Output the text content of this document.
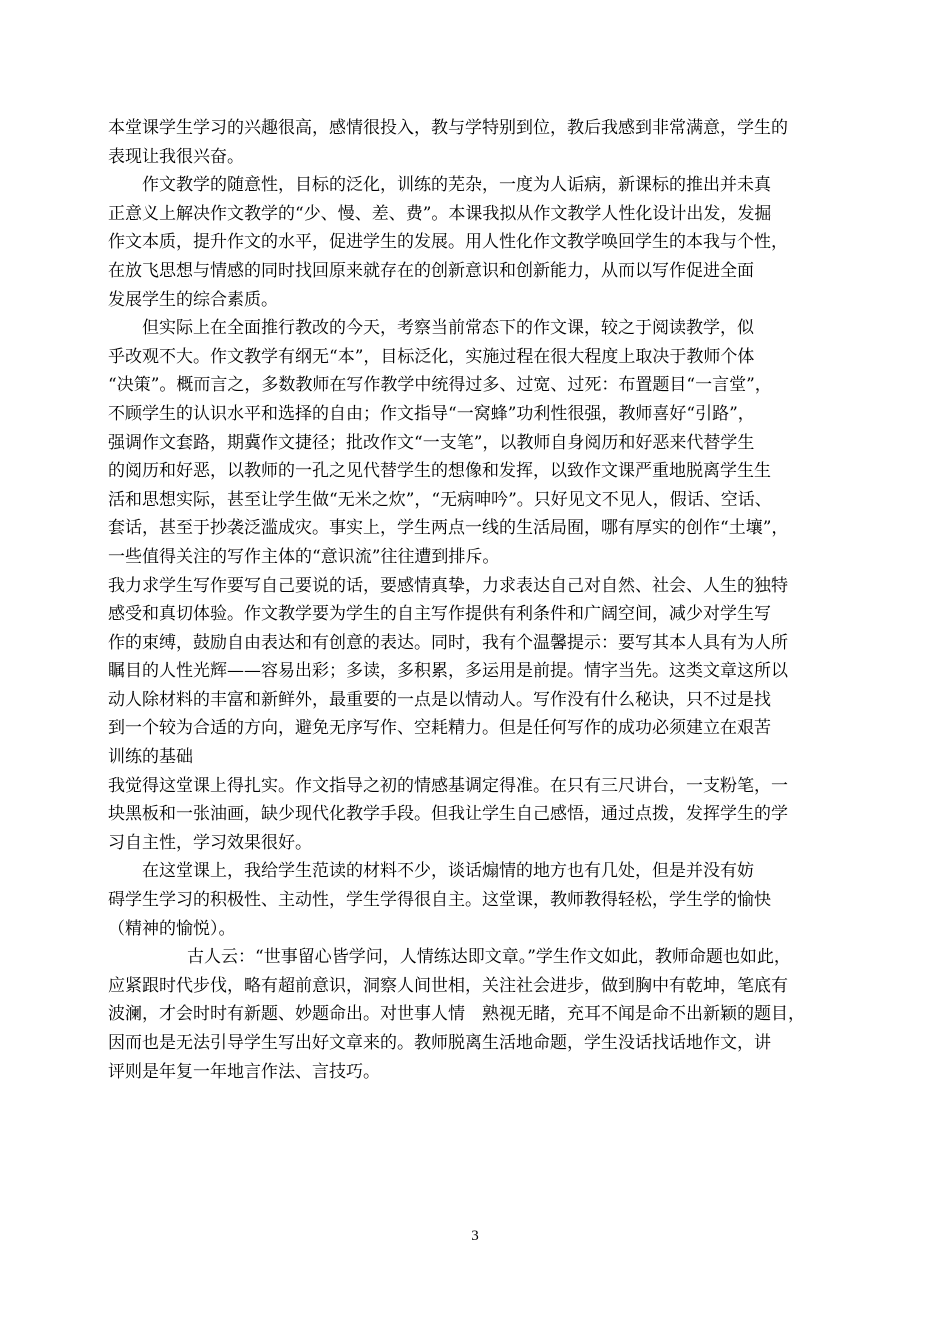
本堂课学生学习的兴趣很高，感情很投入，教与学特别到位，教后我感到非常满意，学生的
表现让我很兴奋。
作文教学的随意性，目标的泛化，训练的芜杂，一度为人诟病，新课标的推出并未真
正意义上解决作文教学的“少、慢、差、费”。本课我拟从作文教学人性化设计出发，发掘
作文本质，提升作文的水平，促进学生的发展。用人性化作文教学唤回学生的本我与个性，
在放飞思想与情感的同时找回原来就存在的创新意识和创新能力，从而以写作促进全面
发展学生的综合素质。
但实际上在全面推行教改的今天，考察当前常态下的作文课，较之于阅读教学，似
乎改观不大。作文教学有纲无“本”，目标泛化，实施过程在很大程度上取决于教师个体
“决策”。概而言之，多数教师在写作教学中统得过多、过宽、过死：布置题目“一言堂”，
不顾学生的认识水平和选择的自由；作文指导“一窝蜂”功利性很强，教师喜好“引路”，
强调作文套路，期冀作文捷径；批改作文“一支笔”，以教师自身阅历和好恶来代替学生
的阅历和好恶，以教师的一孔之见代替学生的想像和发挥，以致作文课严重地脱离学生生
活和思想实际，甚至让学生做“无米之炊”，“无病呻吟”。只好见文不见人，假话、空话、
套话，甚至于抄袭泛滥成灾。事实上，学生两点一线的生活局囿，哪有厚实的创作“土壤”，
一些值得关注的写作主体的“意识流”往往遭到排斥。
我力求学生写作要写自己要说的话，要感情真挚，力求表达自己对自然、社会、人生的独特
感受和真切体验。作文教学要为学生的自主写作提供有利条件和广阔空间，减少对学生写
作的束缚，鼓励自由表达和有创意的表达。同时，我有个温馨提示：要写其本人具有为人所
瞩目的人性光辉——容易出彩；多读，多积累，多运用是前提。情字当先。这类文章这所以
动人除材料的丰富和新鲜外，最重要的一点是以情动人。写作没有什么秘诀，只不过是找
到一个较为合适的方向，避免无序写作、空耗精力。但是任何写作的成功必须建立在艰苦
训练的基础
我觉得这堂课上得扎实。作文指导之初的情感基调定得准。在只有三尺讲台，一支粉笔，一
块黑板和一张油画，缺少现代化教学手段。但我让学生自己感悟，通过点拨，发挥学生的学
习自主性，学习效果很好。
在这堂课上，我给学生范读的材料不少，谈话煽情的地方也有几处，但是并没有妨
碍学生学习的积极性、主动性，学生学得很自主。这堂课，教师教得轻松，学生学的愉快
（精神的愉悦）。
古人云：“世事留心皆学问，人情练达即文章。”学生作文如此，教师命题也如此，
应紧跟时代步伐，略有超前意识，洞察人间世相，关注社会进步，做到胸中有乾坤，笔底有
波澜，才会时时有新题、妙题命出。对世事人情　熟视无睹，充耳不闻是命不出新颖的题目，
因而也是无法引导学生写出好文章来的。教师脱离生活地命题，学生没话找话地作文，讲
评则是年复一年地言作法、言技巧。
3
